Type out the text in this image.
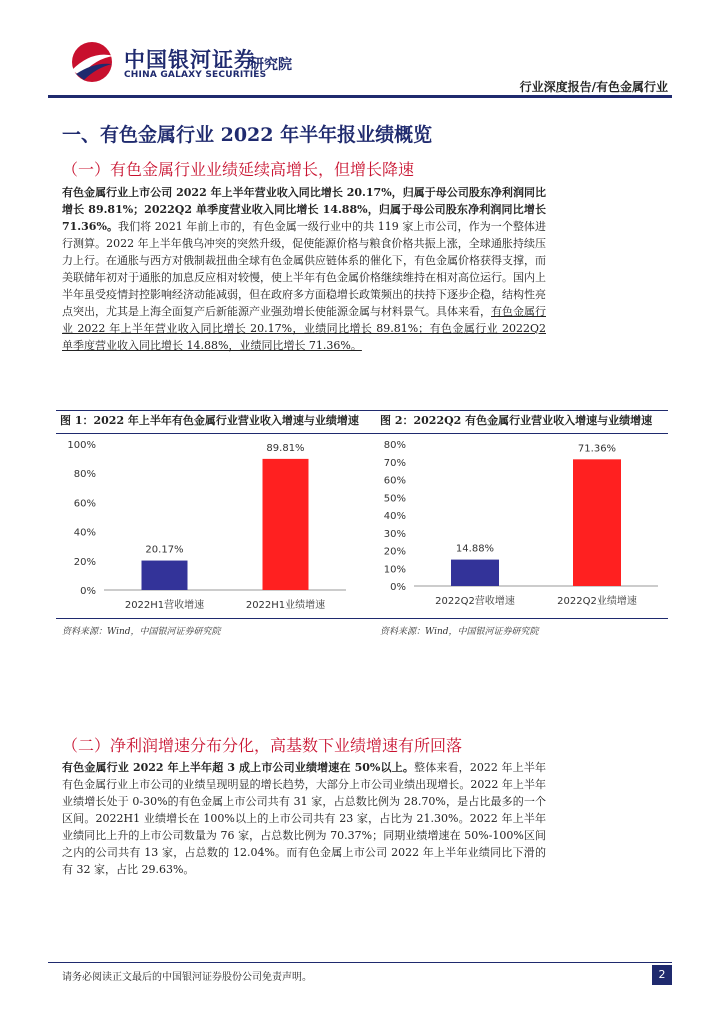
中国银河证券
CHINA GALAXY SECURITIES
研究院
行业深度报告/有色金属行业
一、有色金属行业 2022 年半年报业绩概览
（一）有色金属行业业绩延续高增长，但增长降速
有色金属行业上市公司 2022 年上半年营业收入同比增长 20.17%，归属于母公司股东净利润同比增长 89.81%；2022Q2 单季度营业收入同比增长 14.88%，归属于母公司股东净利润同比增长 71.36%。我们将 2021 年前上市的，有色金属一级行业中的共 119 家上市公司，作为一个整体进行测算。2022 年上半年俄乌冲突的突然升级，促使能源价格与粮食价格共振上涨，全球通胀持续压力上行。在通胀与西方对俄制裁扭曲全球有色金属供应链体系的催化下，有色金属价格获得支撑，而美联储年初对于通胀的加息反应相对较慢，使上半年有色金属价格继续维持在相对高位运行。国内上半年虽受疫情封控影响经济动能减弱，但在政府多方面稳增长政策频出的扶持下逐步企稳，结构性亮点突出，尤其是上海全面复产后新能源产业强劲增长使能源金属与材料景气。具体来看，有色金属行业 2022 年上半年营业收入同比增长 20.17%，业绩同比增长 89.81%；有色金属行业 2022Q2 单季度营业收入同比增长 14.88%，业绩同比增长 71.36%。
图 1：2022 年上半年有色金属行业营业收入增速与业绩增速 图 2：2022Q2 有色金属行业营业收入增速与业绩增速
0%
20%
40%
60%
80%
100%
20.17%
2022H1营收增速
89.81%
2022H1业绩增速
0%
10%
20%
30%
40%
50%
60%
70%
80%
14.88%
2022Q2营收增速
71.36%
2022Q2业绩增速
资料来源：Wind，中国银河证券研究院	资料来源：Wind，中国银河证券研究院
（二）净利润增速分布分化，高基数下业绩增速有所回落
有色金属行业 2022 年上半年超 3 成上市公司业绩增速在 50%以上。整体来看，2022 年上半年有色金属行业上市公司的业绩呈现明显的增长趋势，大部分上市公司业绩出现增长。2022 年上半年业绩增长处于 0-30%的有色金属上市公司共有 31 家，占总数比例为 28.70%，是占比最多的一个区间。2022H1 业绩增长在 100%以上的上市公司共有 23 家，占比为 21.30%。2022 年上半年业绩同比上升的上市公司数量为 76 家，占总数比例为 70.37%；同期业绩增速在 50%-100%区间之内的公司共有 13 家，占总数的 12.04%。而有色金属上市公司 2022 年上半年业绩同比下滑的有 32 家，占比 29.63%。
请务必阅读正文最后的中国银河证券股份公司免责声明。	2
